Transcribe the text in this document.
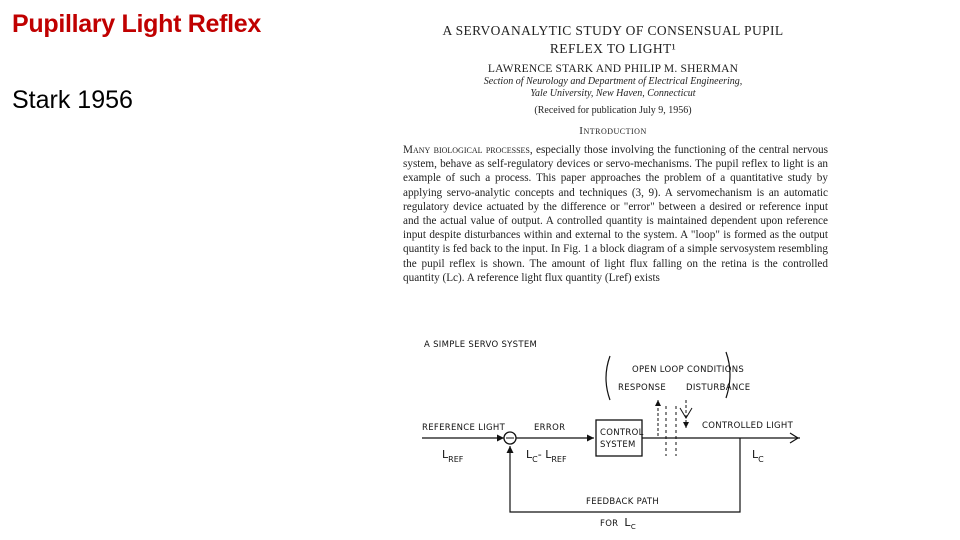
Pupillary Light Reflex
Stark 1956
A SERVOANALYTIC STUDY OF CONSENSUAL PUPIL
REFLEX TO LIGHT¹
LAWRENCE STARK AND PHILIP M. SHERMAN
Section of Neurology and Department of Electrical Engineering,
Yale University, New Haven, Connecticut
(Received for publication July 9, 1956)
Introduction
Many biological processes, especially those involving the functioning of the central nervous system, behave as self-regulatory devices or servo-mechanisms. The pupil reflex to light is an example of such a process. This paper approaches the problem of a quantitative study by applying servo-analytic concepts and techniques (3, 9). A servomechanism is an automatic regulatory device actuated by the difference or "error" between a desired or reference input and the actual value of output. A controlled quantity is maintained dependent upon reference input despite disturbances within and external to the system. A "loop" is formed as the output quantity is fed back to the input. In Fig. 1 a block diagram of a simple servosystem resembling the pupil reflex is shown. The amount of light flux falling on the retina is the controlled quantity (Lc). A reference light flux quantity (Lref) exists
A SIMPLE SERVO SYSTEM
OPEN LOOP CONDITIONS
RESPONSE DISTURBANCE
REFERENCE LIGHT
$L_{REF}$
ERROR
$L_C-$ $L_{REF}$
CONTROL
SYSTEM
CONTROLLED LIGHT
$L_C$
FEEDBACK PATH
FOR $L_C$
